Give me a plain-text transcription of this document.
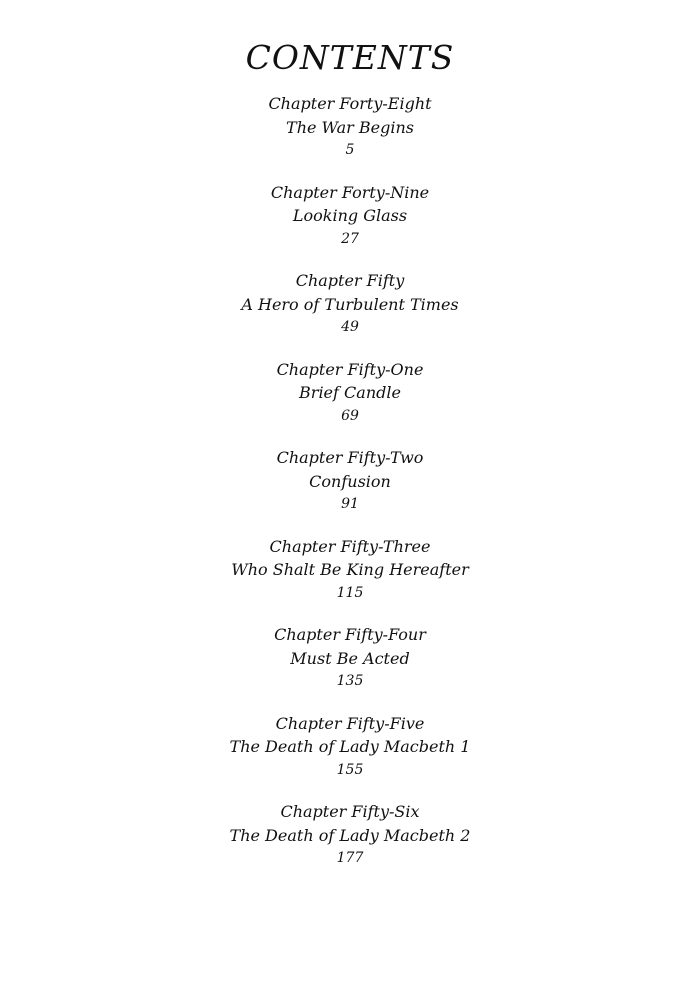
CONTENTS
Chapter Forty-Eight
The War Begins
5
Chapter Forty-Nine
Looking Glass
27
Chapter Fifty
A Hero of Turbulent Times
49
Chapter Fifty-One
Brief Candle
69
Chapter Fifty-Two
Confusion
91
Chapter Fifty-Three
Who Shalt Be King Hereafter
115
Chapter Fifty-Four
Must Be Acted
135
Chapter Fifty-Five
The Death of Lady Macbeth 1
155
Chapter Fifty-Six
The Death of Lady Macbeth 2
177
